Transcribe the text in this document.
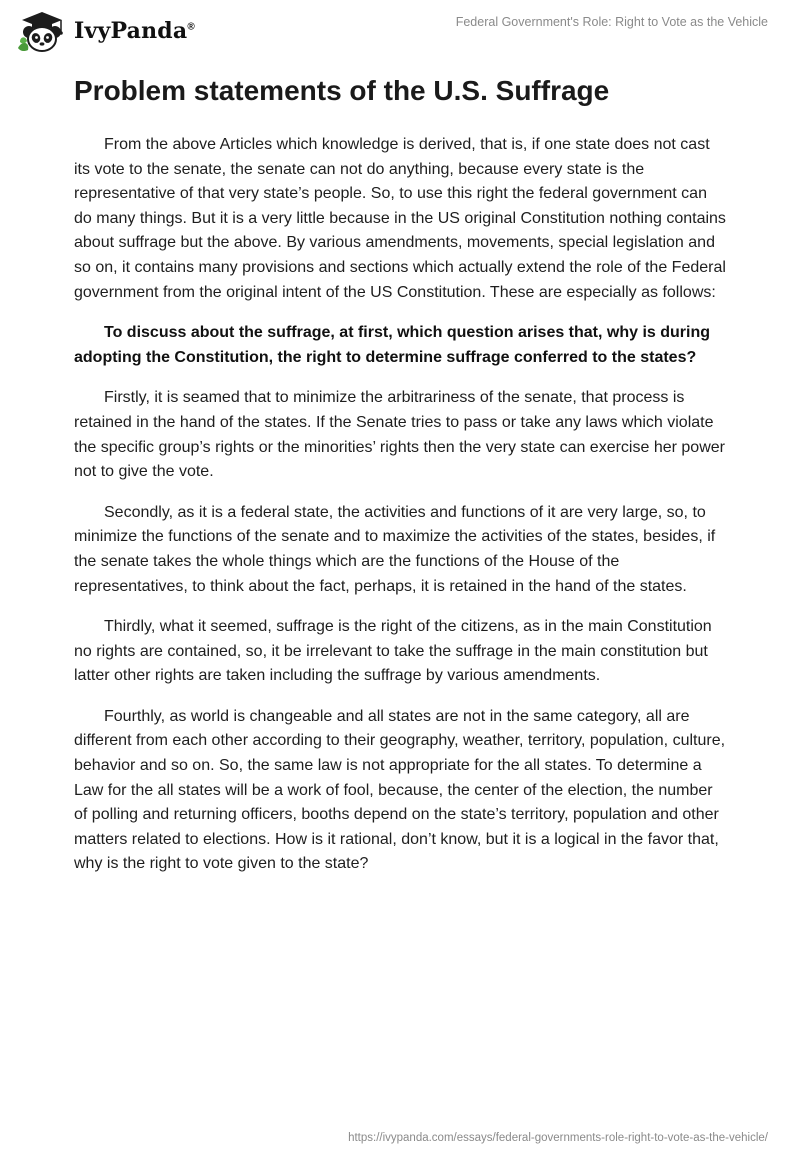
IvyPanda®	Federal Government's Role: Right to Vote as the Vehicle
Problem statements of the U.S. Suffrage

From the above Articles which knowledge is derived, that is, if one state does not cast its vote to the senate, the senate can not do anything, because every state is the representative of that very state’s people. So, to use this right the federal government can do many things. But it is a very little because in the US original Constitution nothing contains about suffrage but the above. By various amendments, movements, special legislation and so on, it contains many provisions and sections which actually extend the role of the Federal government from the original intent of the US Constitution. These are especially as follows:

To discuss about the suffrage, at first, which question arises that, why is during adopting the Constitution, the right to determine suffrage conferred to the states?

Firstly, it is seamed that to minimize the arbitrariness of the senate, that process is retained in the hand of the states. If the Senate tries to pass or take any laws which violate the specific group’s rights or the minorities’ rights then the very state can exercise her power not to give the vote.

Secondly, as it is a federal state, the activities and functions of it are very large, so, to minimize the functions of the senate and to maximize the activities of the states, besides, if the senate takes the whole things which are the functions of the House of the representatives, to think about the fact, perhaps, it is retained in the hand of the states.

Thirdly, what it seemed, suffrage is the right of the citizens, as in the main Constitution no rights are contained, so, it be irrelevant to take the suffrage in the main constitution but latter other rights are taken including the suffrage by various amendments.

Fourthly, as world is changeable and all states are not in the same category, all are different from each other according to their geography, weather, territory, population, culture, behavior and so on. So, the same law is not appropriate for the all states. To determine a Law for the all states will be a work of fool, because, the center of the election, the number of polling and returning officers, booths depend on the state’s territory, population and other matters related to elections. How is it rational, don’t know, but it is a logical in the favor that, why is the right to vote given to the state?

https://ivypanda.com/essays/federal-governments-role-right-to-vote-as-the-vehicle/
